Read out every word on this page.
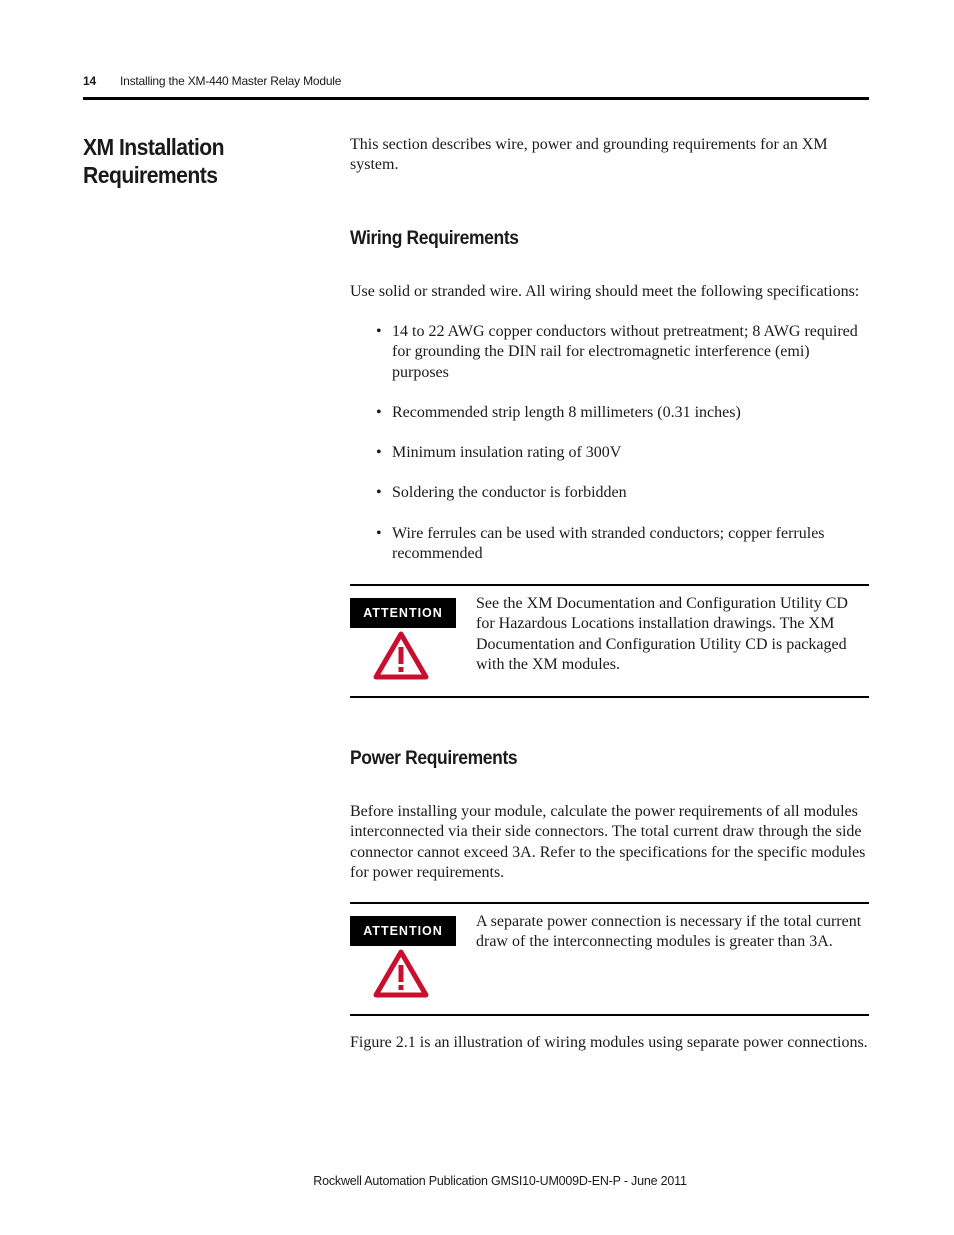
14 Installing the XM-440 Master Relay Module
XM Installation Requirements

This section describes wire, power and grounding requirements for an XM system.

Wiring Requirements

Use solid or stranded wire. All wiring should meet the following specifications:

• 14 to 22 AWG copper conductors without pretreatment; 8 AWG required for grounding the DIN rail for electromagnetic interference (emi) purposes
• Recommended strip length 8 millimeters (0.31 inches)
• Minimum insulation rating of 300V
• Soldering the conductor is forbidden
• Wire ferrules can be used with stranded conductors; copper ferrules recommended
ATTENTION
See the XM Documentation and Configuration Utility CD for Hazardous Locations installation drawings. The XM Documentation and Configuration Utility CD is packaged with the XM modules.
Power Requirements

Before installing your module, calculate the power requirements of all modules interconnected via their side connectors. The total current draw through the side connector cannot exceed 3A. Refer to the specifications for the specific modules for power requirements.

ATTENTION
A separate power connection is necessary if the total current draw of the interconnecting modules is greater than 3A.

Figure 2.1 is an illustration of wiring modules using separate power connections.

Rockwell Automation Publication GMSI10-UM009D-EN-P - June 2011
